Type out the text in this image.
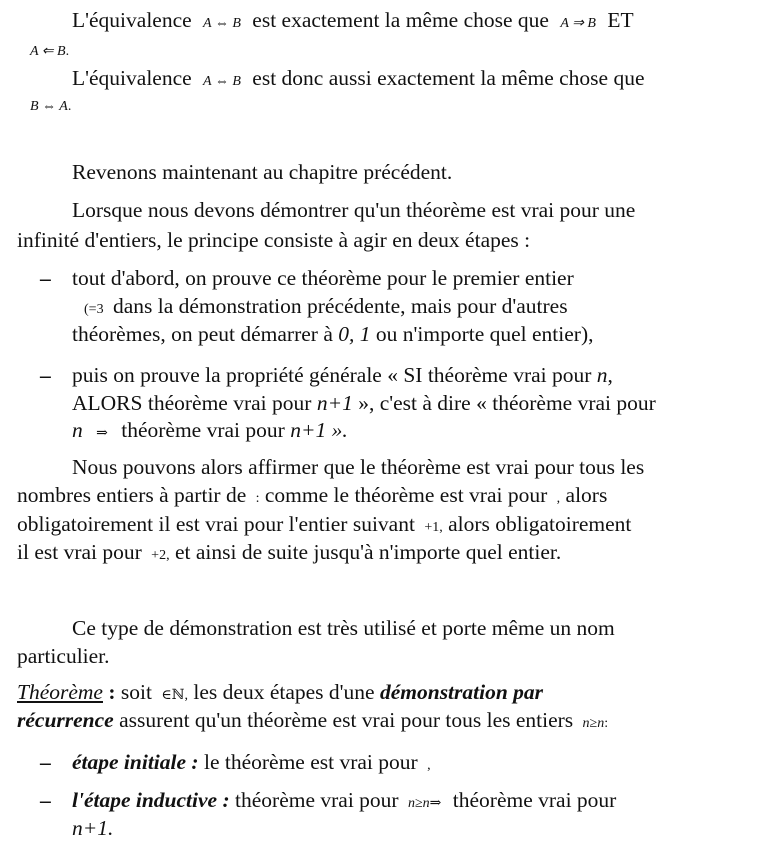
L'équivalence A ⇔ B est exactement la même chose que A ⇒ B ET
A ⇐ B.
L'équivalence A ⇔ B est donc aussi exactement la même chose que
B ⇔ A.
Revenons maintenant au chapitre précédent.
Lorsque nous devons démontrer qu'un théorème est vrai pour une
infinité d'entiers, le principe consiste à agir en deux étapes :
– tout d'abord, on prouve ce théorème pour le premier entier
(=3 dans la démonstration précédente, mais pour d'autres
théorèmes, on peut démarrer à 0, 1 ou n'importe quel entier),
– puis on prouve la propriété générale « SI théorème vrai pour n,
ALORS théorème vrai pour n+1 », c'est à dire « théorème vrai pour
n ⇒ théorème vrai pour n+1 ».
Nous pouvons alors affirmer que le théorème est vrai pour tous les
nombres entiers à partir de : comme le théorème est vrai pour , alors
obligatoirement il est vrai pour l'entier suivant +1, alors obligatoirement
il est vrai pour +2, et ainsi de suite jusqu'à n'importe quel entier.
Ce type de démonstration est très utilisé et porte même un nom
particulier.
Théorème : soit ∈ℕ, les deux étapes d'une démonstration par
récurrence assurent qu'un théorème est vrai pour tous les entiers n≥n:
– étape initiale : le théorème est vrai pour ,
– l'étape inductive : théorème vrai pour n≥n⇒ théorème vrai pour
n+1.
